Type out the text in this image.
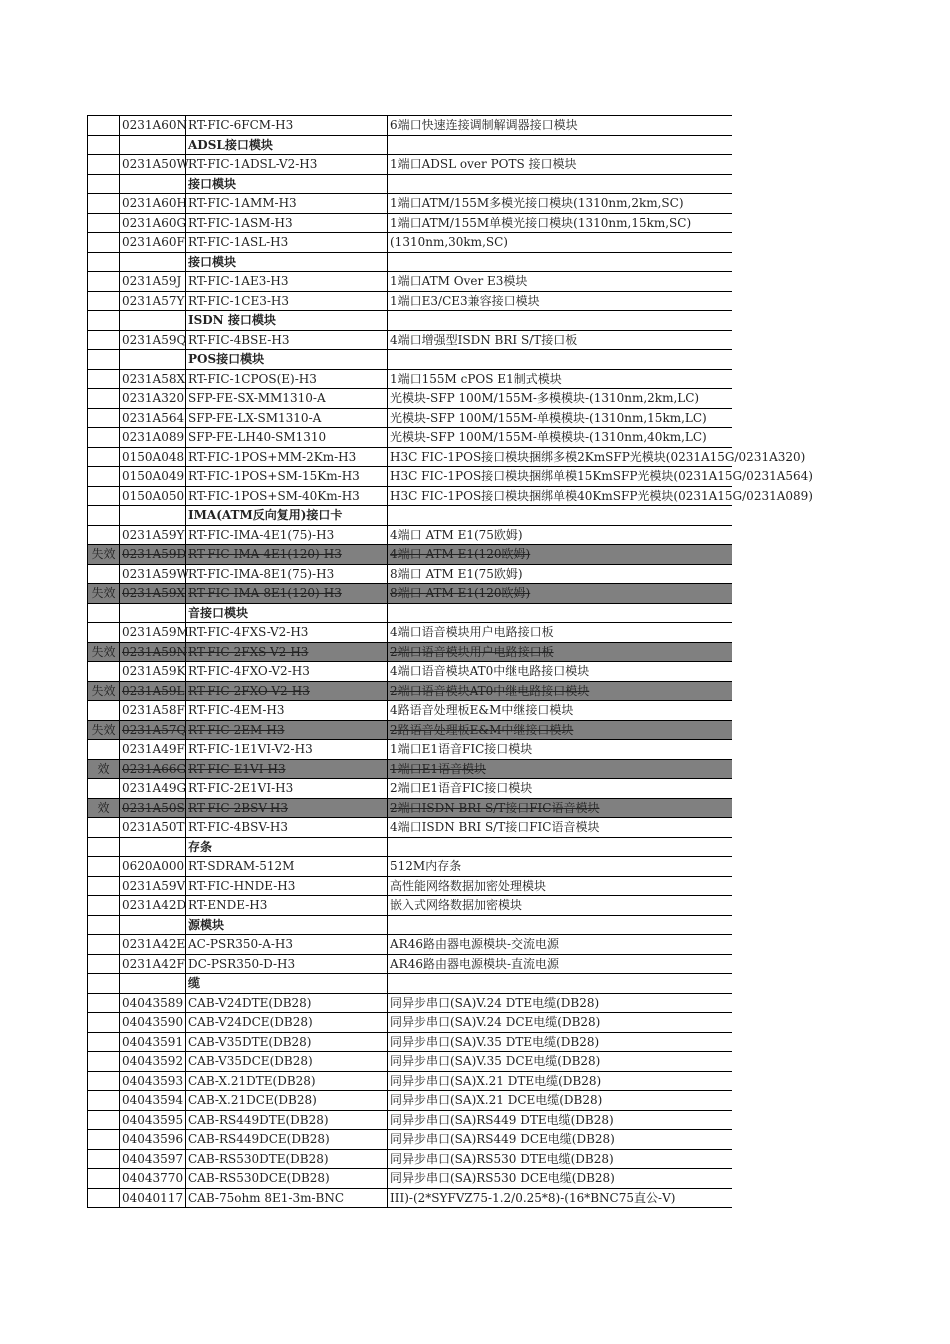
	0231A60N	RT-FIC-6FCM-H3	6端口快速连接调制解调器接口模块
		ADSL接口模块	
	0231A50W	RT-FIC-1ADSL-V2-H3	1端口ADSL over POTS 接口模块
		接口模块	
	0231A60H	RT-FIC-1AMM-H3	1端口ATM/155M多模光接口模块(1310nm,2km,SC)
	0231A60G	RT-FIC-1ASM-H3	1端口ATM/155M单模光接口模块(1310nm,15km,SC)
	0231A60F	RT-FIC-1ASL-H3	(1310nm,30km,SC)
		接口模块	
	0231A59J	RT-FIC-1AE3-H3	1端口ATM Over E3模块
	0231A57Y	RT-FIC-1CE3-H3	1端口E3/CE3兼容接口模块
		ISDN 接口模块	
	0231A59Q	RT-FIC-4BSE-H3	4端口增强型ISDN BRI S/T接口板
		POS接口模块	
	0231A58X	RT-FIC-1CPOS(E)-H3	1端口155M cPOS E1制式模块
	0231A320	SFP-FE-SX-MM1310-A	光模块-SFP 100M/155M-多模模块-(1310nm,2km,LC)
	0231A564	SFP-FE-LX-SM1310-A	光模块-SFP 100M/155M-单模模块-(1310nm,15km,LC)
	0231A089	SFP-FE-LH40-SM1310	光模块-SFP 100M/155M-单模模块-(1310nm,40km,LC)
	0150A048	RT-FIC-1POS+MM-2Km-H3	H3C FIC-1POS接口模块捆绑多模2KmSFP光模块(0231A15G/0231A320)
	0150A049	RT-FIC-1POS+SM-15Km-H3	H3C FIC-1POS接口模块捆绑单模15KmSFP光模块(0231A15G/0231A564)
	0150A050	RT-FIC-1POS+SM-40Km-H3	H3C FIC-1POS接口模块捆绑单模40KmSFP光模块(0231A15G/0231A089)
		IMA(ATM反向复用)接口卡	
	0231A59Y	RT-FIC-IMA-4E1(75)-H3	4端口 ATM E1(75欧姆)
失效	0231A59D	RT-FIC-IMA-4E1(120)-H3	4端口 ATM E1(120欧姆)
	0231A59W	RT-FIC-IMA-8E1(75)-H3	8端口 ATM E1(75欧姆)
失效	0231A59X	RT-FIC-IMA-8E1(120)-H3	8端口 ATM E1(120欧姆)
		音接口模块	
	0231A59M	RT-FIC-4FXS-V2-H3	4端口语音模块用户电路接口板
失效	0231A59N	RT-FIC-2FXS-V2-H3	2端口语音模块用户电路接口板
	0231A59K	RT-FIC-4FXO-V2-H3	4端口语音模块AT0中继电路接口模块
失效	0231A59L	RT-FIC-2FXO-V2-H3	2端口语音模块AT0中继电路接口模块
	0231A58F	RT-FIC-4EM-H3	4路语音处理板E&M中继接口模块
失效	0231A57Q	RT-FIC-2EM-H3	2路语音处理板E&M中继接口模块
	0231A49F	RT-FIC-1E1VI-V2-H3	1端口E1语音FIC接口模块
效	0231A66G	RT-FIC-E1VI-H3	1端口E1语音模块
	0231A49G	RT-FIC-2E1VI-H3	2端口E1语音FIC接口模块
效	0231A50S	RT-FIC-2BSV-H3	2端口ISDN BRI S/T接口FIC语音模块
	0231A50T	RT-FIC-4BSV-H3	4端口ISDN BRI S/T接口FIC语音模块
		存条	
	0620A000	RT-SDRAM-512M	512M内存条
	0231A59V	RT-FIC-HNDE-H3	高性能网络数据加密处理模块
	0231A42D	RT-ENDE-H3	嵌入式网络数据加密模块
		源模块	
	0231A42E	AC-PSR350-A-H3	AR46路由器电源模块-交流电源
	0231A42F	DC-PSR350-D-H3	AR46路由器电源模块-直流电源
		缆	
	04043589	CAB-V24DTE(DB28)	同异步串口(SA)V.24 DTE电缆(DB28)
	04043590	CAB-V24DCE(DB28)	同异步串口(SA)V.24 DCE电缆(DB28)
	04043591	CAB-V35DTE(DB28)	同异步串口(SA)V.35 DTE电缆(DB28)
	04043592	CAB-V35DCE(DB28)	同异步串口(SA)V.35 DCE电缆(DB28)
	04043593	CAB-X.21DTE(DB28)	同异步串口(SA)X.21 DTE电缆(DB28)
	04043594	CAB-X.21DCE(DB28)	同异步串口(SA)X.21 DCE电缆(DB28)
	04043595	CAB-RS449DTE(DB28)	同异步串口(SA)RS449 DTE电缆(DB28)
	04043596	CAB-RS449DCE(DB28)	同异步串口(SA)RS449 DCE电缆(DB28)
	04043597	CAB-RS530DTE(DB28)	同异步串口(SA)RS530 DTE电缆(DB28)
	04043770	CAB-RS530DCE(DB28)	同异步串口(SA)RS530 DCE电缆(DB28)
	04040117	CAB-75ohm 8E1-3m-BNC	III)-(2*SYFVZ75-1.2/0.25*8)-(16*BNC75直公-V)
